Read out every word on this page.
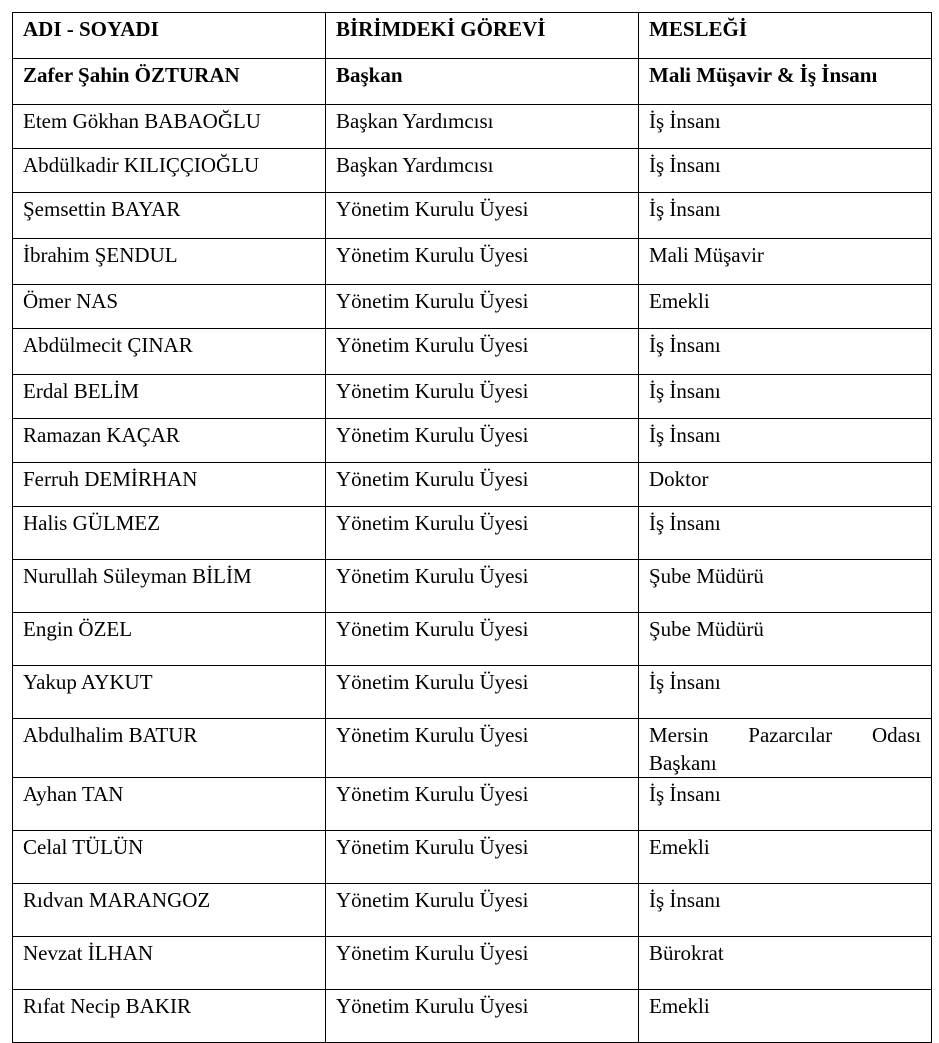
ADI - SOYADI	BİRİMDEKİ GÖREVİ	MESLEĞİ

Zafer Şahin ÖZTURAN	Başkan	Mali Müşavir & İş İnsanı

Etem Gökhan BABAOĞLU	Başkan Yardımcısı	İş İnsanı

Abdülkadir KILIÇÇIOĞLU	Başkan Yardımcısı	İş İnsanı

Şemsettin BAYAR	Yönetim Kurulu Üyesi	İş İnsanı

İbrahim ŞENDUL	Yönetim Kurulu Üyesi	Mali Müşavir

Ömer NAS	Yönetim Kurulu Üyesi	Emekli

Abdülmecit ÇINAR	Yönetim Kurulu Üyesi	İş İnsanı

Erdal BELİM	Yönetim Kurulu Üyesi	İş İnsanı

Ramazan KAÇAR	Yönetim Kurulu Üyesi	İş İnsanı

Ferruh DEMİRHAN	Yönetim Kurulu Üyesi	Doktor

Halis GÜLMEZ	Yönetim Kurulu Üyesi	İş İnsanı

Nurullah Süleyman BİLİM	Yönetim Kurulu Üyesi	Şube Müdürü

Engin ÖZEL	Yönetim Kurulu Üyesi	Şube Müdürü

Yakup AYKUT	Yönetim Kurulu Üyesi	İş İnsanı

Abdulhalim BATUR	Yönetim Kurulu Üyesi	Mersin Pazarcılar Odası
Başkanı

Ayhan TAN	Yönetim Kurulu Üyesi	İş İnsanı

Celal TÜLÜN	Yönetim Kurulu Üyesi	Emekli

Rıdvan MARANGOZ	Yönetim Kurulu Üyesi	İş İnsanı

Nevzat İLHAN	Yönetim Kurulu Üyesi	Bürokrat

Rıfat Necip BAKIR	Yönetim Kurulu Üyesi	Emekli
